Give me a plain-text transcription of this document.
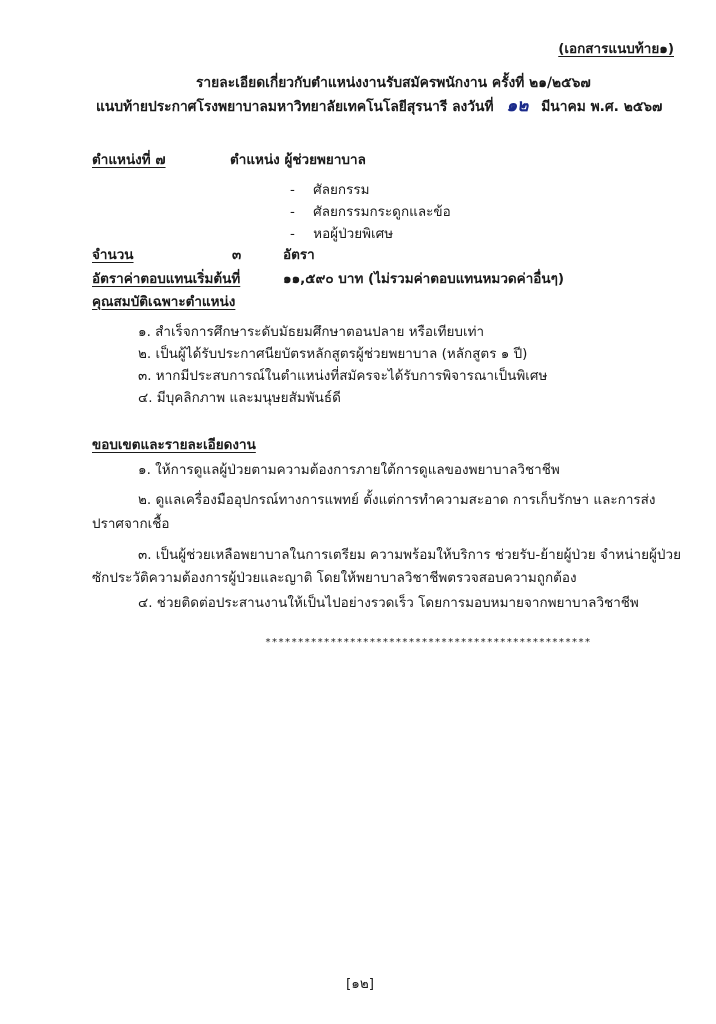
(เอกสารแนบท้าย๑)
รายละเอียดเกี่ยวกับตำแหน่งงานรับสมัครพนักงาน ครั้งที่ ๒๑/๒๕๖๗
แนบท้ายประกาศโรงพยาบาลมหาวิทยาลัยเทคโนโลยีสุรนารี ลงวันที่ ๑๒ มีนาคม พ.ศ. ๒๕๖๗
ตำแหน่งที่ ๗	ตำแหน่ง ผู้ช่วยพยาบาล
- ศัลยกรรม
- ศัลยกรรมกระดูกและข้อ
- หอผู้ป่วยพิเศษ
จำนวน	๓	อัตรา
อัตราค่าตอบแทนเริ่มต้นที่	๑๑,๕๙๐ บาท (ไม่รวมค่าตอบแทนหมวดค่าอื่นๆ)
คุณสมบัติเฉพาะตำแหน่ง
๑. สำเร็จการศึกษาระดับมัธยมศึกษาตอนปลาย หรือเทียบเท่า
๒. เป็นผู้ได้รับประกาศนียบัตรหลักสูตรผู้ช่วยพยาบาล (หลักสูตร ๑ ปี)
๓. หากมีประสบการณ์ในตำแหน่งที่สมัครจะได้รับการพิจารณาเป็นพิเศษ
๔. มีบุคลิกภาพ และมนุษยสัมพันธ์ดี
ขอบเขตและรายละเอียดงาน
๑. ให้การดูแลผู้ป่วยตามความต้องการภายใต้การดูแลของพยาบาลวิชาชีพ
๒. ดูแลเครื่องมืออุปกรณ์ทางการแพทย์ ตั้งแต่การทำความสะอาด การเก็บรักษา และการส่ง
ปราศจากเชื้อ
๓. เป็นผู้ช่วยเหลือพยาบาลในการเตรียม ความพร้อมให้บริการ ช่วยรับ-ย้ายผู้ป่วย จำหน่ายผู้ป่วย
ซักประวัติความต้องการผู้ป่วยและญาติ โดยให้พยาบาลวิชาชีพตรวจสอบความถูกต้อง
๔. ช่วยติดต่อประสานงานให้เป็นไปอย่างรวดเร็ว โดยการมอบหมายจากพยาบาลวิชาชีพ
**************************************************
[๑๒]
